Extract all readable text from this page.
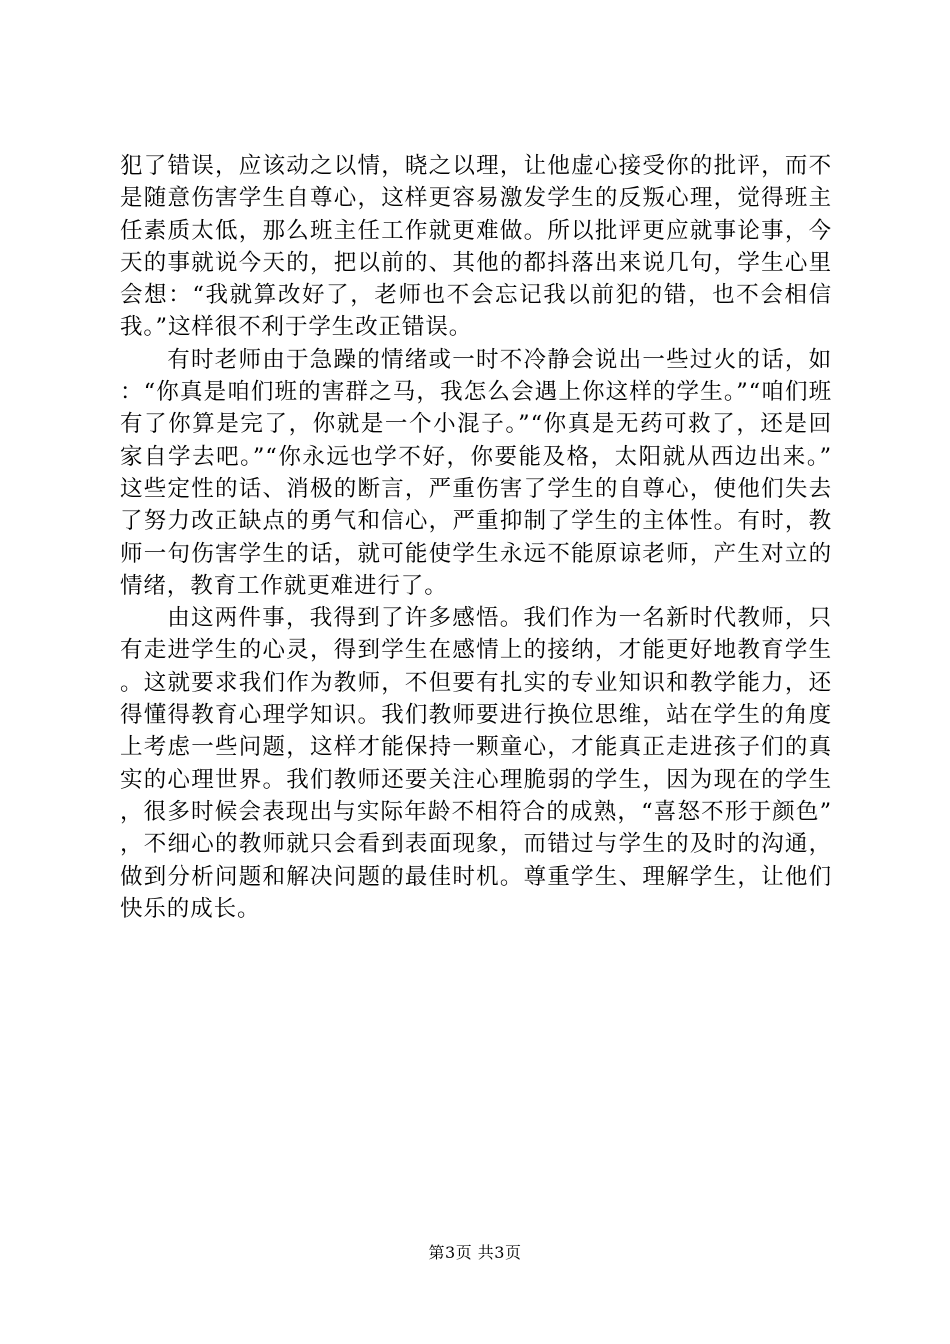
犯了错误，应该动之以情，晓之以理，让他虚心接受你的批评，而不是随意伤害学生自尊心，这样更容易激发学生的反叛心理，觉得班主任素质太低，那么班主任工作就更难做。所以批评更应就事论事，今天的事就说今天的，把以前的、其他的都抖落出来说几句，学生心里会想：“我就算改好了，老师也不会忘记我以前犯的错，也不会相信我。”这样很不利于学生改正错误。

有时老师由于急躁的情绪或一时不冷静会说出一些过火的话，如：“你真是咱们班的害群之马，我怎么会遇上你这样的学生。”“咱们班有了你算是完了，你就是一个小混子。”“你真是无药可救了，还是回家自学去吧。”“你永远也学不好，你要能及格，太阳就从西边出来。”这些定性的话、消极的断言，严重伤害了学生的自尊心，使他们失去了努力改正缺点的勇气和信心，严重抑制了学生的主体性。有时，教师一句伤害学生的话，就可能使学生永远不能原谅老师，产生对立的情绪，教育工作就更难进行了。

由这两件事，我得到了许多感悟。我们作为一名新时代教师，只有走进学生的心灵，得到学生在感情上的接纳，才能更好地教育学生。这就要求我们作为教师，不但要有扎实的专业知识和教学能力，还得懂得教育心理学知识。我们教师要进行换位思维，站在学生的角度上考虑一些问题，这样才能保持一颗童心，才能真正走进孩子们的真实的心理世界。我们教师还要关注心理脆弱的学生，因为现在的学生，很多时候会表现出与实际年龄不相符合的成熟，“喜怒不形于颜色”，不细心的教师就只会看到表面现象，而错过与学生的及时的沟通，做到分析问题和解决问题的最佳时机。尊重学生、理解学生，让他们快乐的成长。

第3页 共3页
